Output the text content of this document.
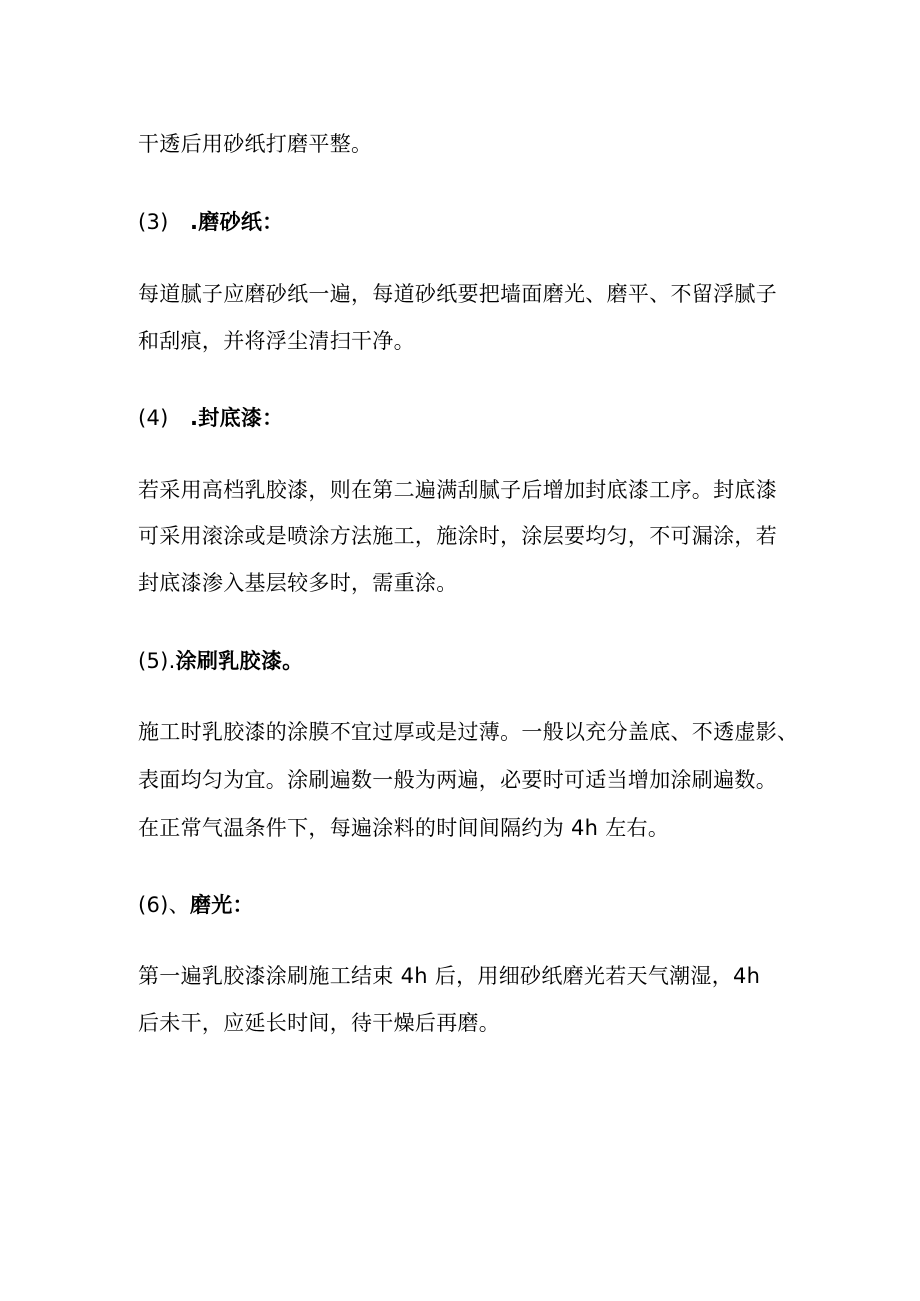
干透后用砂纸打磨平整。
(3) .磨砂纸：
每道腻子应磨砂纸一遍，每道砂纸要把墙面磨光、磨平、不留浮腻子
和刮痕，并将浮尘清扫干净。
(4) .封底漆：
若采用高档乳胶漆，则在第二遍满刮腻子后增加封底漆工序。封底漆
可采用滚涂或是喷涂方法施工，施涂时，涂层要均匀，不可漏涂，若
封底漆渗入基层较多时，需重涂。
(5).涂刷乳胶漆。
施工时乳胶漆的涂膜不宜过厚或是过薄。一般以充分盖底、不透虚影、
表面均匀为宜。涂刷遍数一般为两遍，必要时可适当增加涂刷遍数。
在正常气温条件下，每遍涂料的时间间隔约为 4h 左右。
(6)、磨光：
第一遍乳胶漆涂刷施工结束 4h 后，用细砂纸磨光若天气潮湿，4h
后未干，应延长时间，待干燥后再磨。
